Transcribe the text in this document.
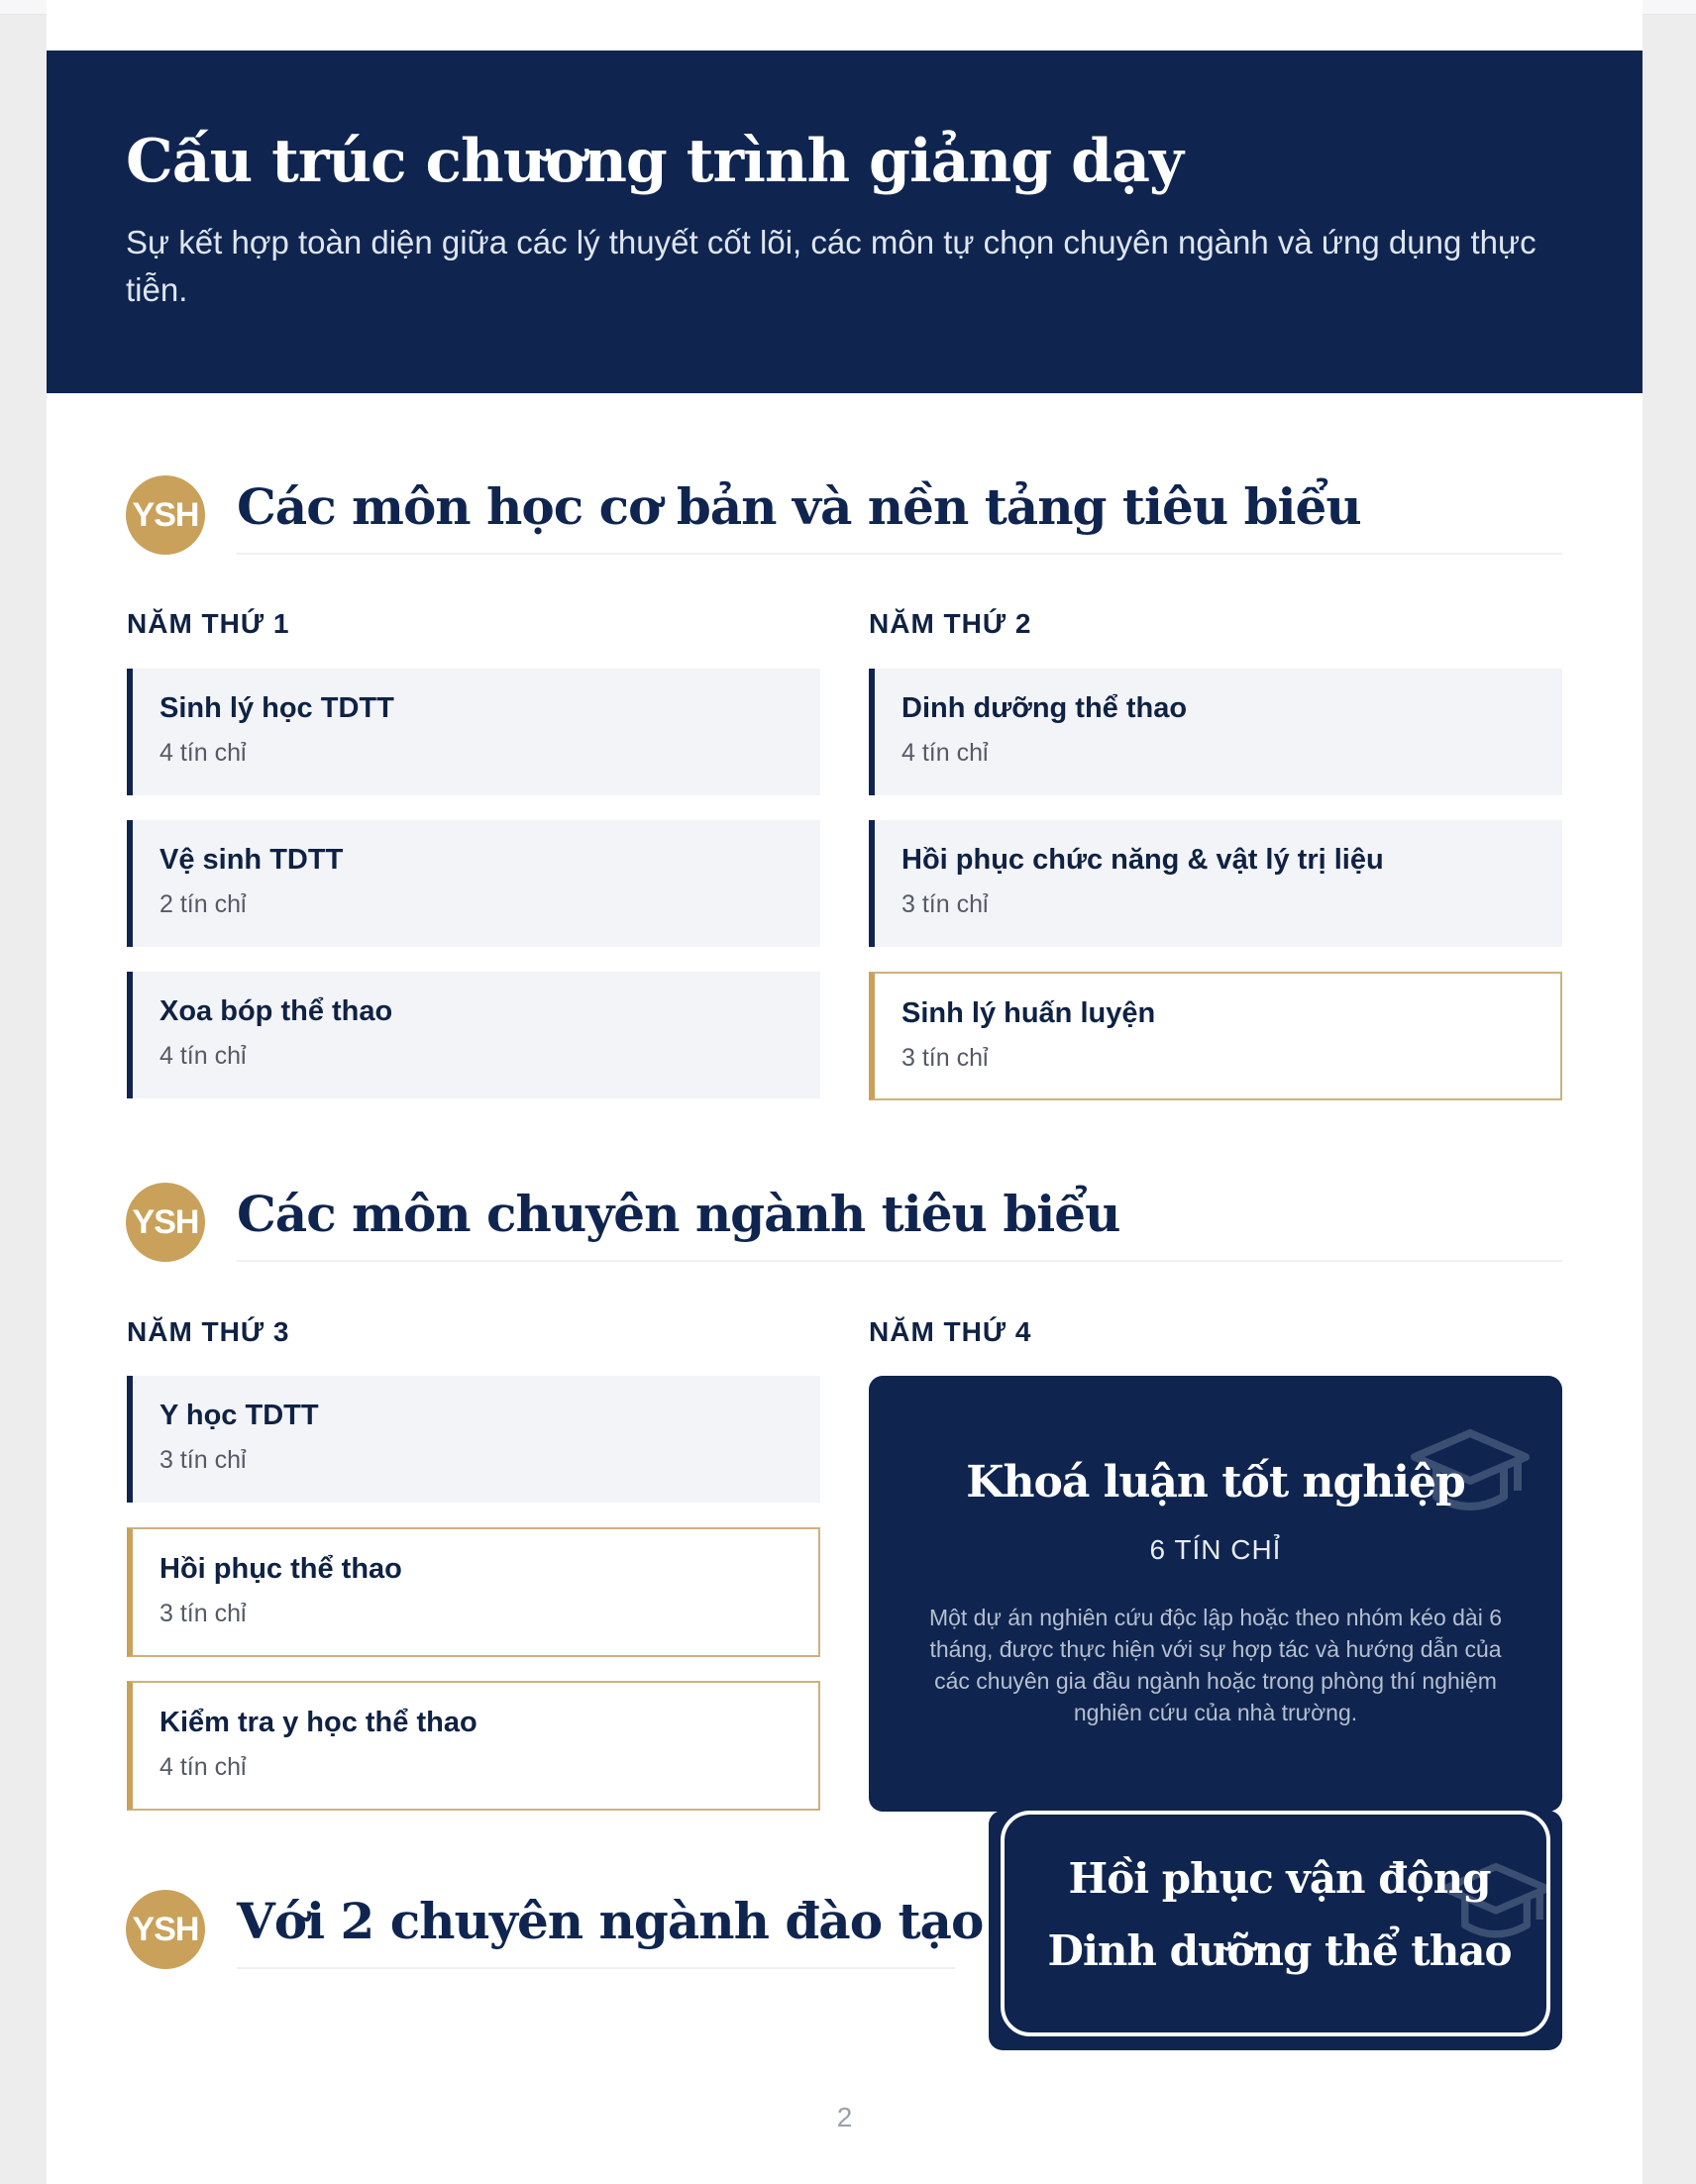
Cấu trúc chương trình giảng dạy
Sự kết hợp toàn diện giữa các lý thuyết cốt lõi, các môn tự chọn chuyên ngành và ứng dụng thực tiễn.
YSH Các môn học cơ bản và nền tảng tiêu biểu
NĂM THỨ 1	NĂM THỨ 2
Sinh lý học TDTT
4 tín chỉ
Vệ sinh TDTT
2 tín chỉ
Xoa bóp thể thao
4 tín chỉ
Dinh dưỡng thể thao
4 tín chỉ
Hồi phục chức năng & vật lý trị liệu
3 tín chỉ
Sinh lý huấn luyện
3 tín chỉ
YSH Các môn chuyên ngành tiêu biểu
NĂM THỨ 3	NĂM THỨ 4
Y học TDTT
3 tín chỉ
Hồi phục thể thao
3 tín chỉ
Kiểm tra y học thể thao
4 tín chỉ
Khoá luận tốt nghiệp
6 TÍN CHỈ
Một dự án nghiên cứu độc lập hoặc theo nhóm kéo dài 6 tháng, được thực hiện với sự hợp tác và hướng dẫn của các chuyên gia đầu ngành hoặc trong phòng thí nghiệm nghiên cứu của nhà trường.
YSH Với 2 chuyên ngành đào tạo
Hồi phục vận động
Dinh dưỡng thể thao
2
